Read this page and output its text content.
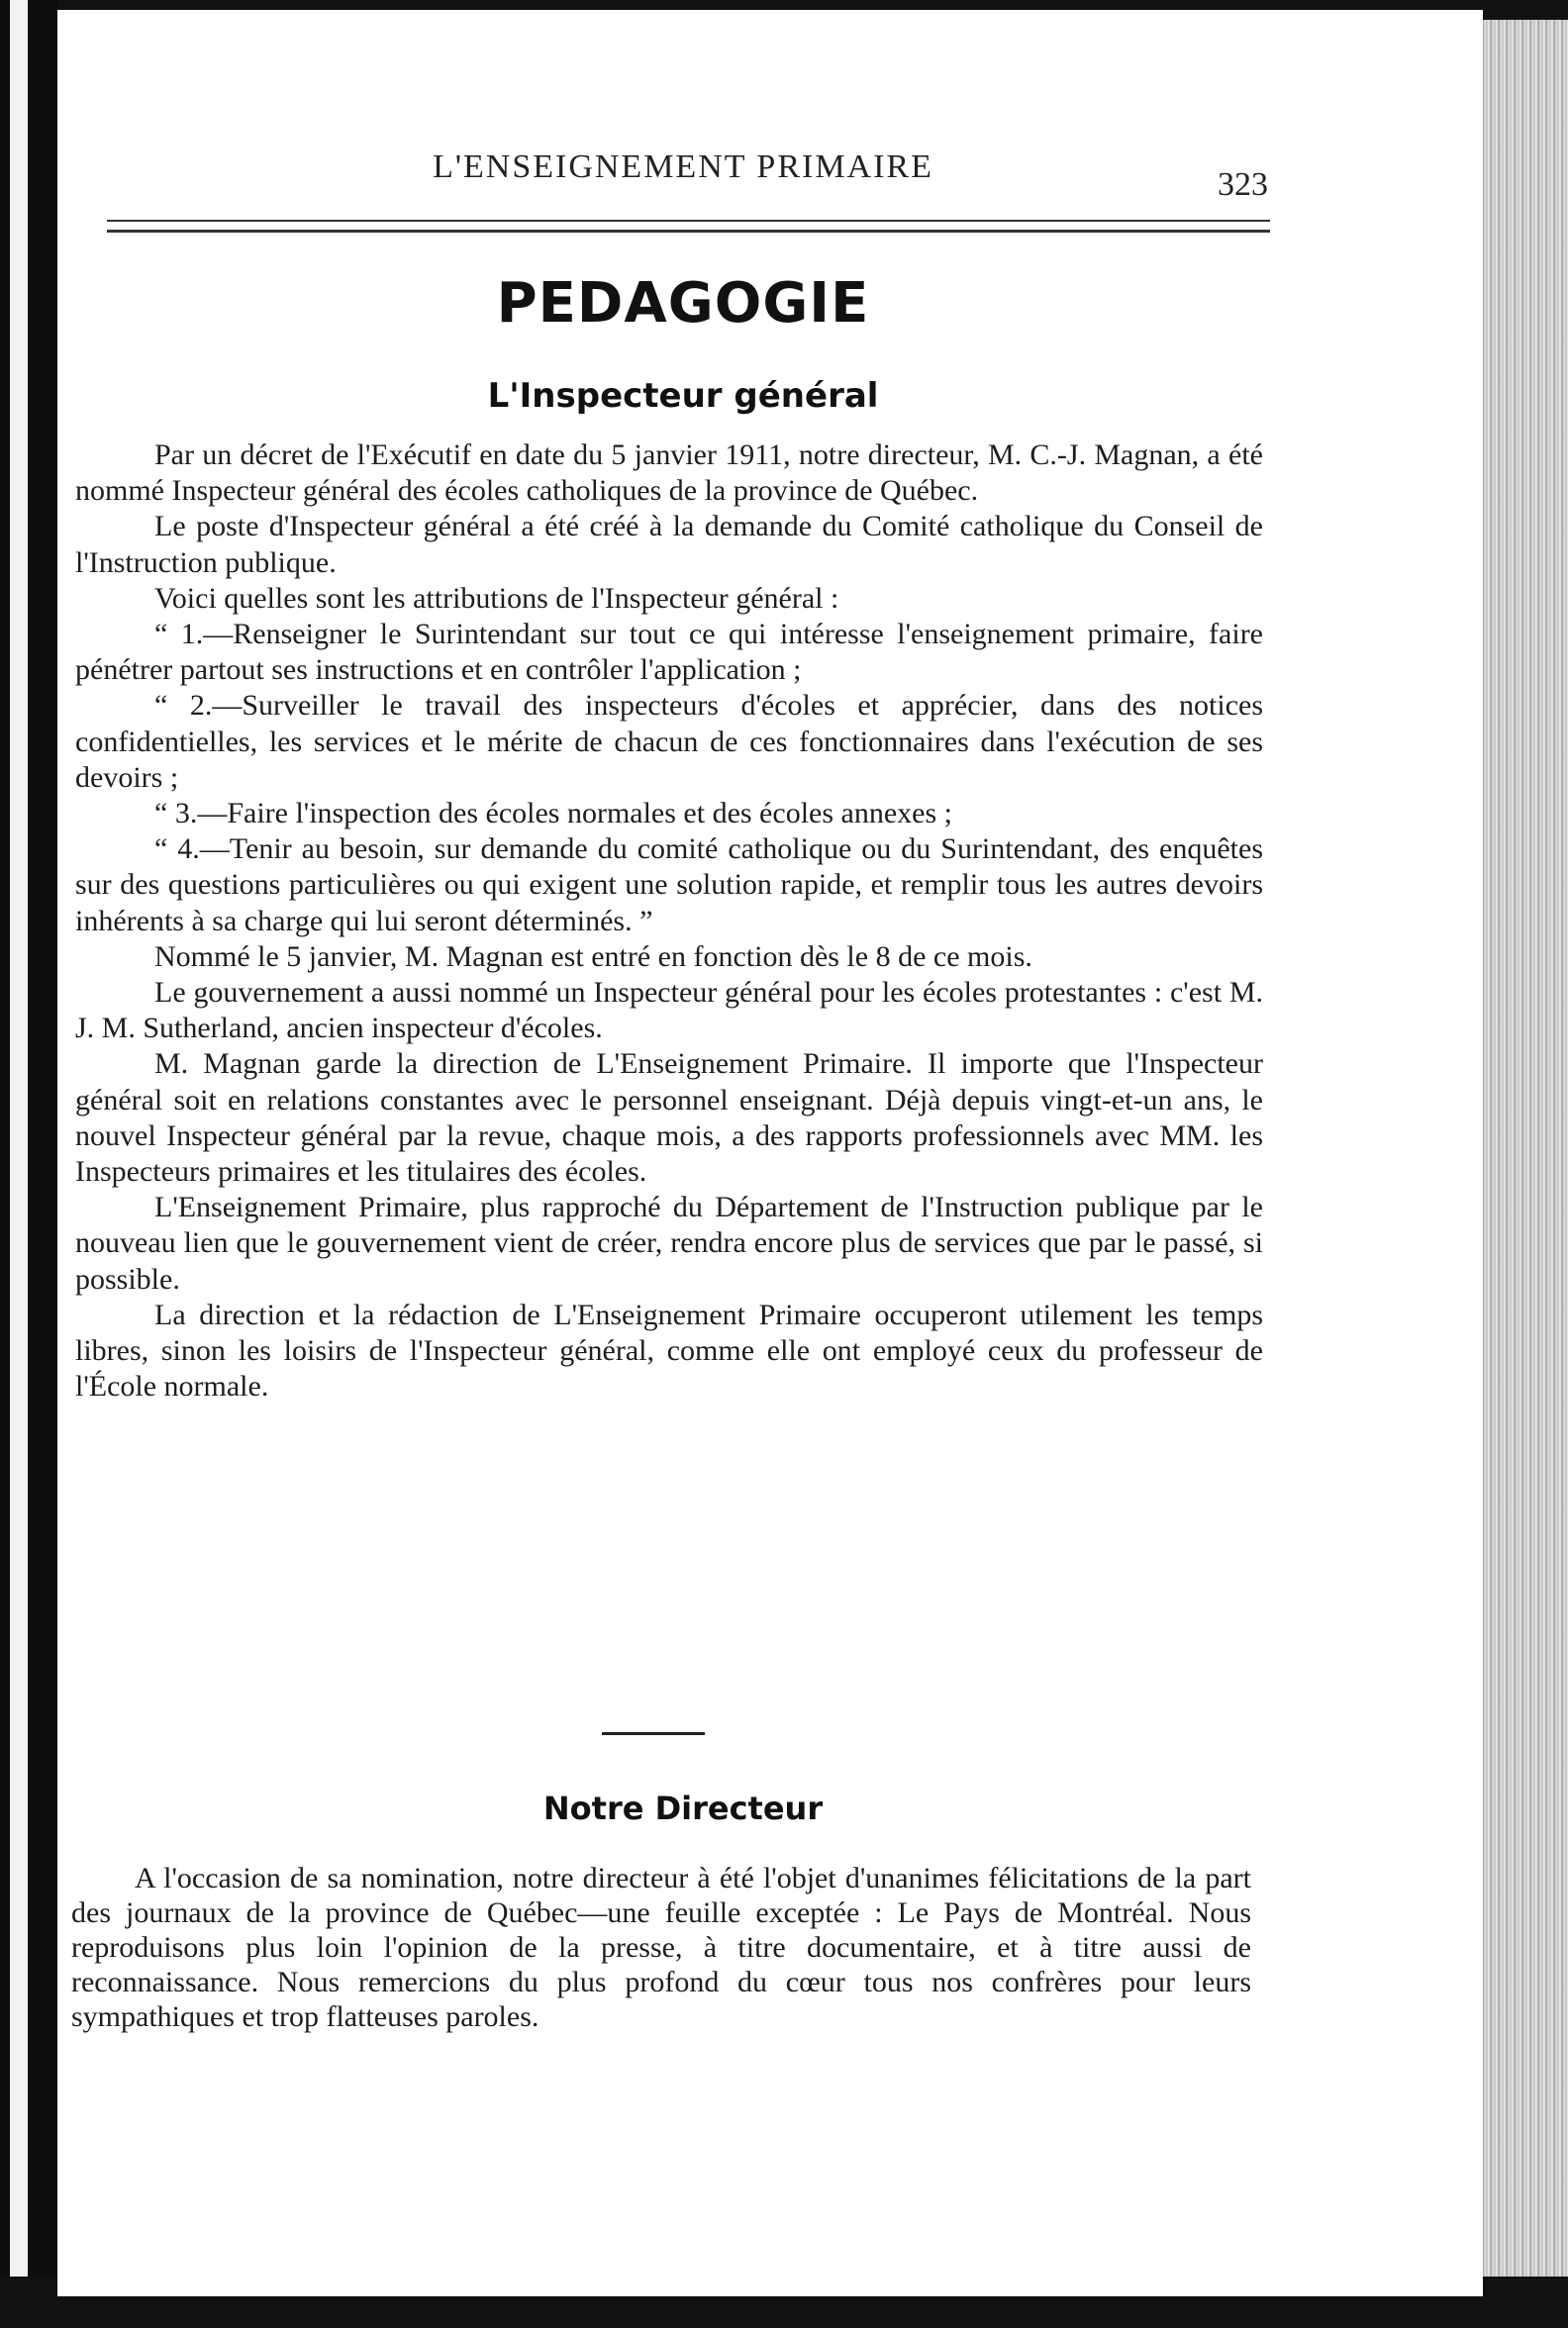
L'ENSEIGNEMENT PRIMAIRE	323
PEDAGOGIE
L'Inspecteur général

Par un décret de l'Exécutif en date du 5 janvier 1911, notre directeur, M. C.-J. Magnan, a été nommé Inspecteur général des écoles catholiques de la province de Québec.

Le poste d'Inspecteur général a été créé à la demande du Comité catholique du Conseil de l'Instruction publique.

Voici quelles sont les attributions de l'Inspecteur général :

“ 1.—Renseigner le Surintendant sur tout ce qui intéresse l'enseignement primaire, faire pénétrer partout ses instructions et en contrôler l'application ;

“ 2.—Surveiller le travail des inspecteurs d'écoles et apprécier, dans des notices confidentielles, les services et le mérite de chacun de ces fonctionnaires dans l'exécution de ses devoirs ;

“ 3.—Faire l'inspection des écoles normales et des écoles annexes ;

“ 4.—Tenir au besoin, sur demande du comité catholique ou du Surintendant, des enquêtes sur des questions particulières ou qui exigent une solution rapide, et remplir tous les autres devoirs inhérents à sa charge qui lui seront déterminés. ”

Nommé le 5 janvier, M. Magnan est entré en fonction dès le 8 de ce mois.

Le gouvernement a aussi nommé un Inspecteur général pour les écoles protestantes : c'est M. J. M. Sutherland, ancien inspecteur d'écoles.

M. Magnan garde la direction de L'Enseignement Primaire. Il importe que l'Inspecteur général soit en relations constantes avec le personnel enseignant. Déjà depuis vingt-et-un ans, le nouvel Inspecteur général par la revue, chaque mois, a des rapports professionnels avec MM. les Inspecteurs primaires et les titulaires des écoles.

L'Enseignement Primaire, plus rapproché du Département de l'Instruction publique par le nouveau lien que le gouvernement vient de créer, rendra encore plus de services que par le passé, si possible.

La direction et la rédaction de L'Enseignement Primaire occuperont utilement les temps libres, sinon les loisirs de l'Inspecteur général, comme elle ont employé ceux du professeur de l'École normale.

Notre Directeur

A l'occasion de sa nomination, notre directeur à été l'objet d'unanimes félicitations de la part des journaux de la province de Québec—une feuille exceptée : Le Pays de Montréal. Nous reproduisons plus loin l'opinion de la presse, à titre documentaire, et à titre aussi de reconnaissance. Nous remercions du plus profond du cœur tous nos confrères pour leurs sympathiques et trop flatteuses paroles.
